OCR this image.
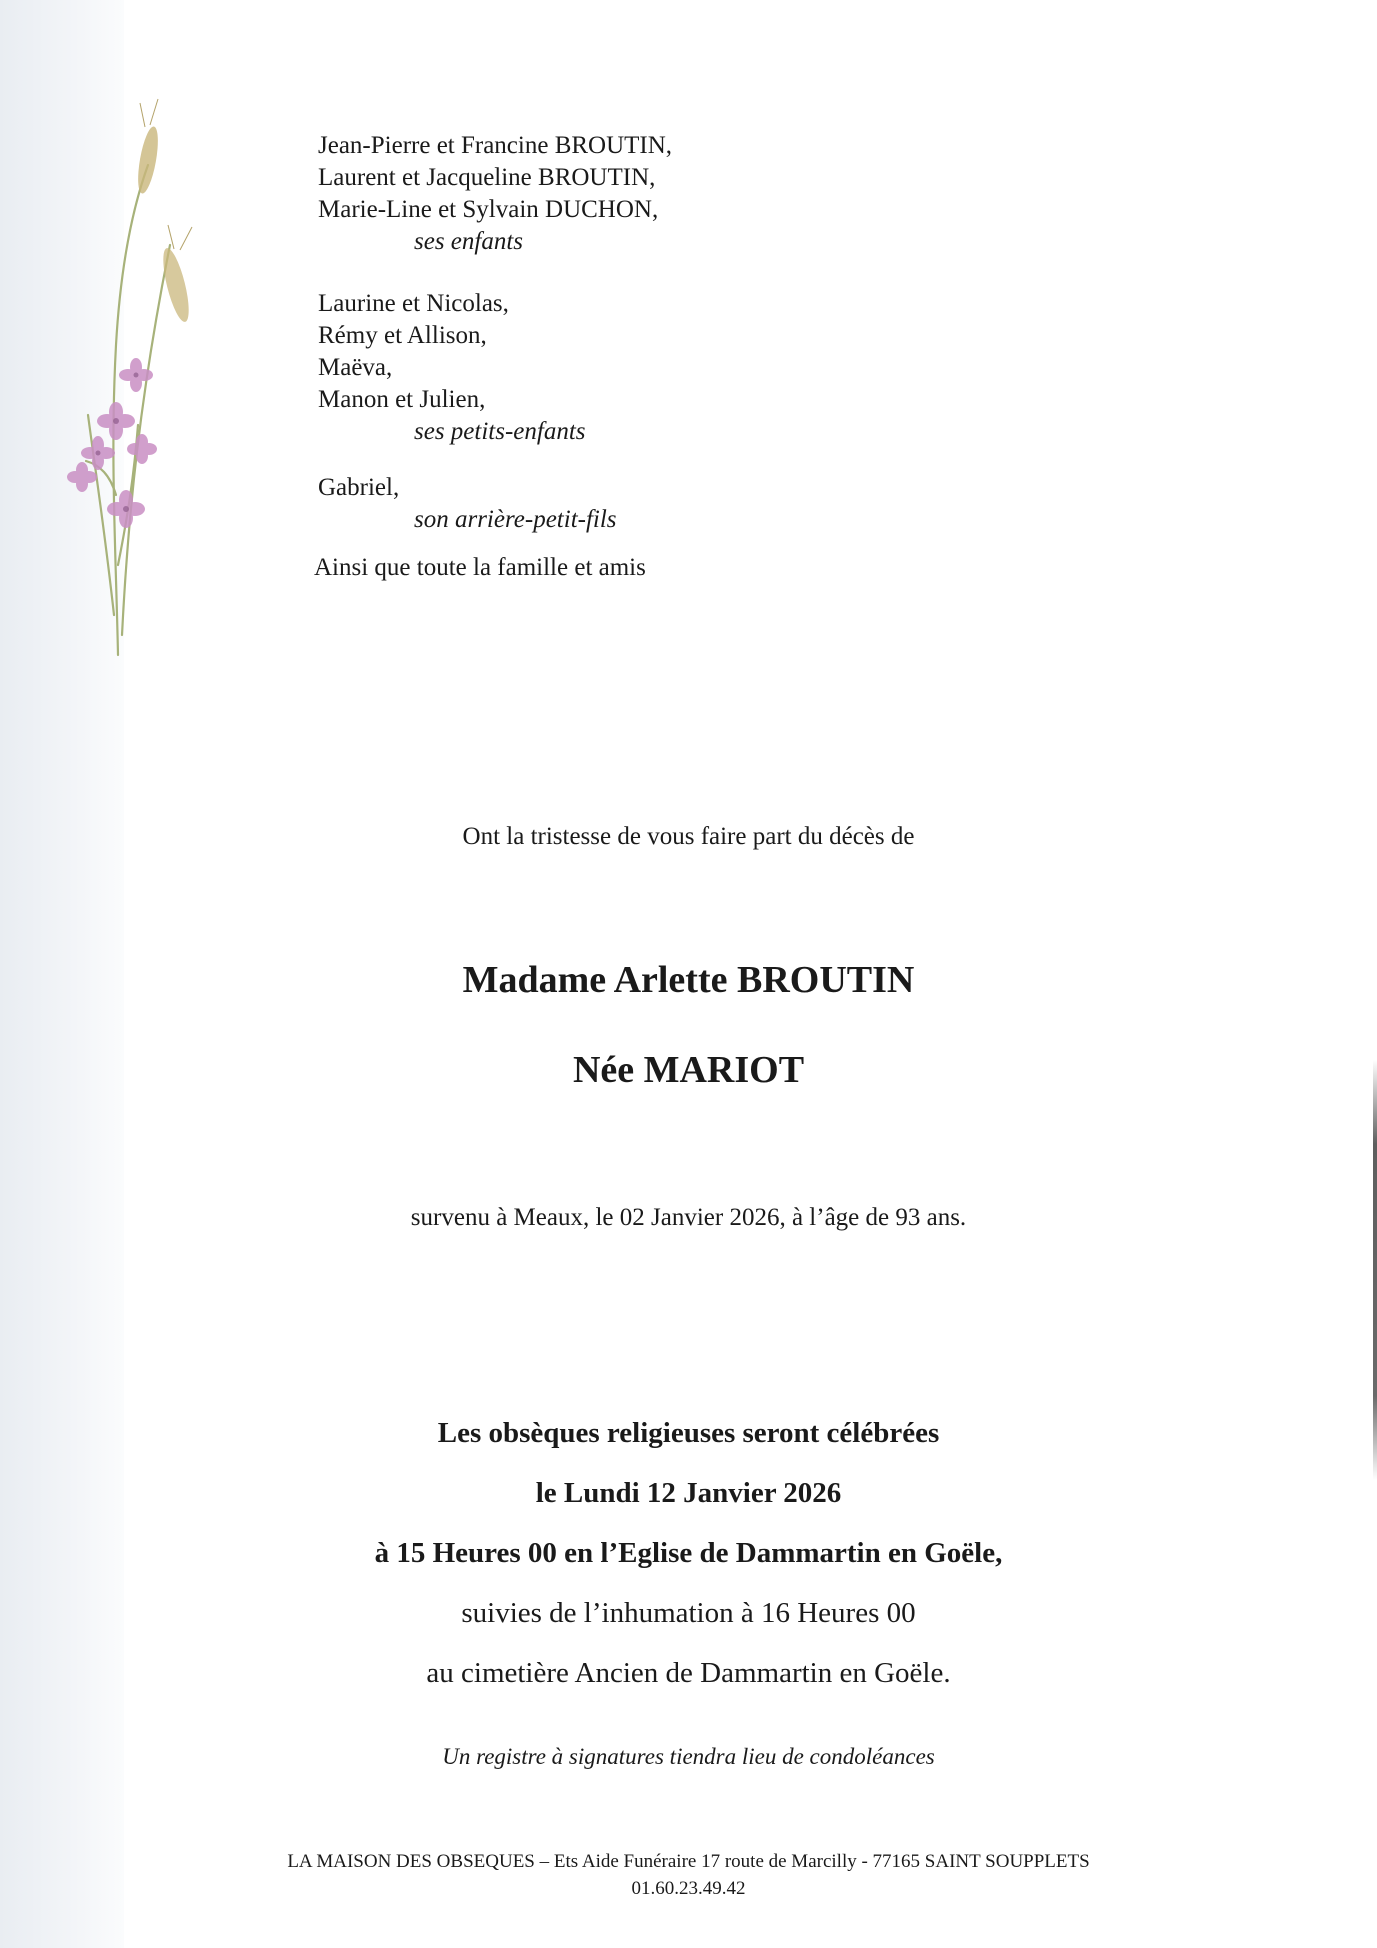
Jean-Pierre et Francine BROUTIN,
Laurent et Jacqueline BROUTIN,
Marie-Line et Sylvain DUCHON,
ses enfants
Laurine et Nicolas,
Rémy et Allison,
Maëva,
Manon et Julien,
ses petits-enfants
Gabriel,
son arrière-petit-fils
Ainsi que toute la famille et amis
Ont la tristesse de vous faire part du décès de
Madame Arlette BROUTIN
Née MARIOT
survenu à Meaux, le 02 Janvier 2026, à l’âge de 93 ans.
Les obsèques religieuses seront célébrées
le Lundi 12 Janvier 2026
à 15 Heures 00 en l’Eglise de Dammartin en Goële,
suivies de l’inhumation à 16 Heures 00
au cimetière Ancien de Dammartin en Goële.
Un registre à signatures tiendra lieu de condoléances
LA MAISON DES OBSEQUES – Ets Aide Funéraire 17 route de Marcilly - 77165 SAINT SOUPPLETS
01.60.23.49.42
